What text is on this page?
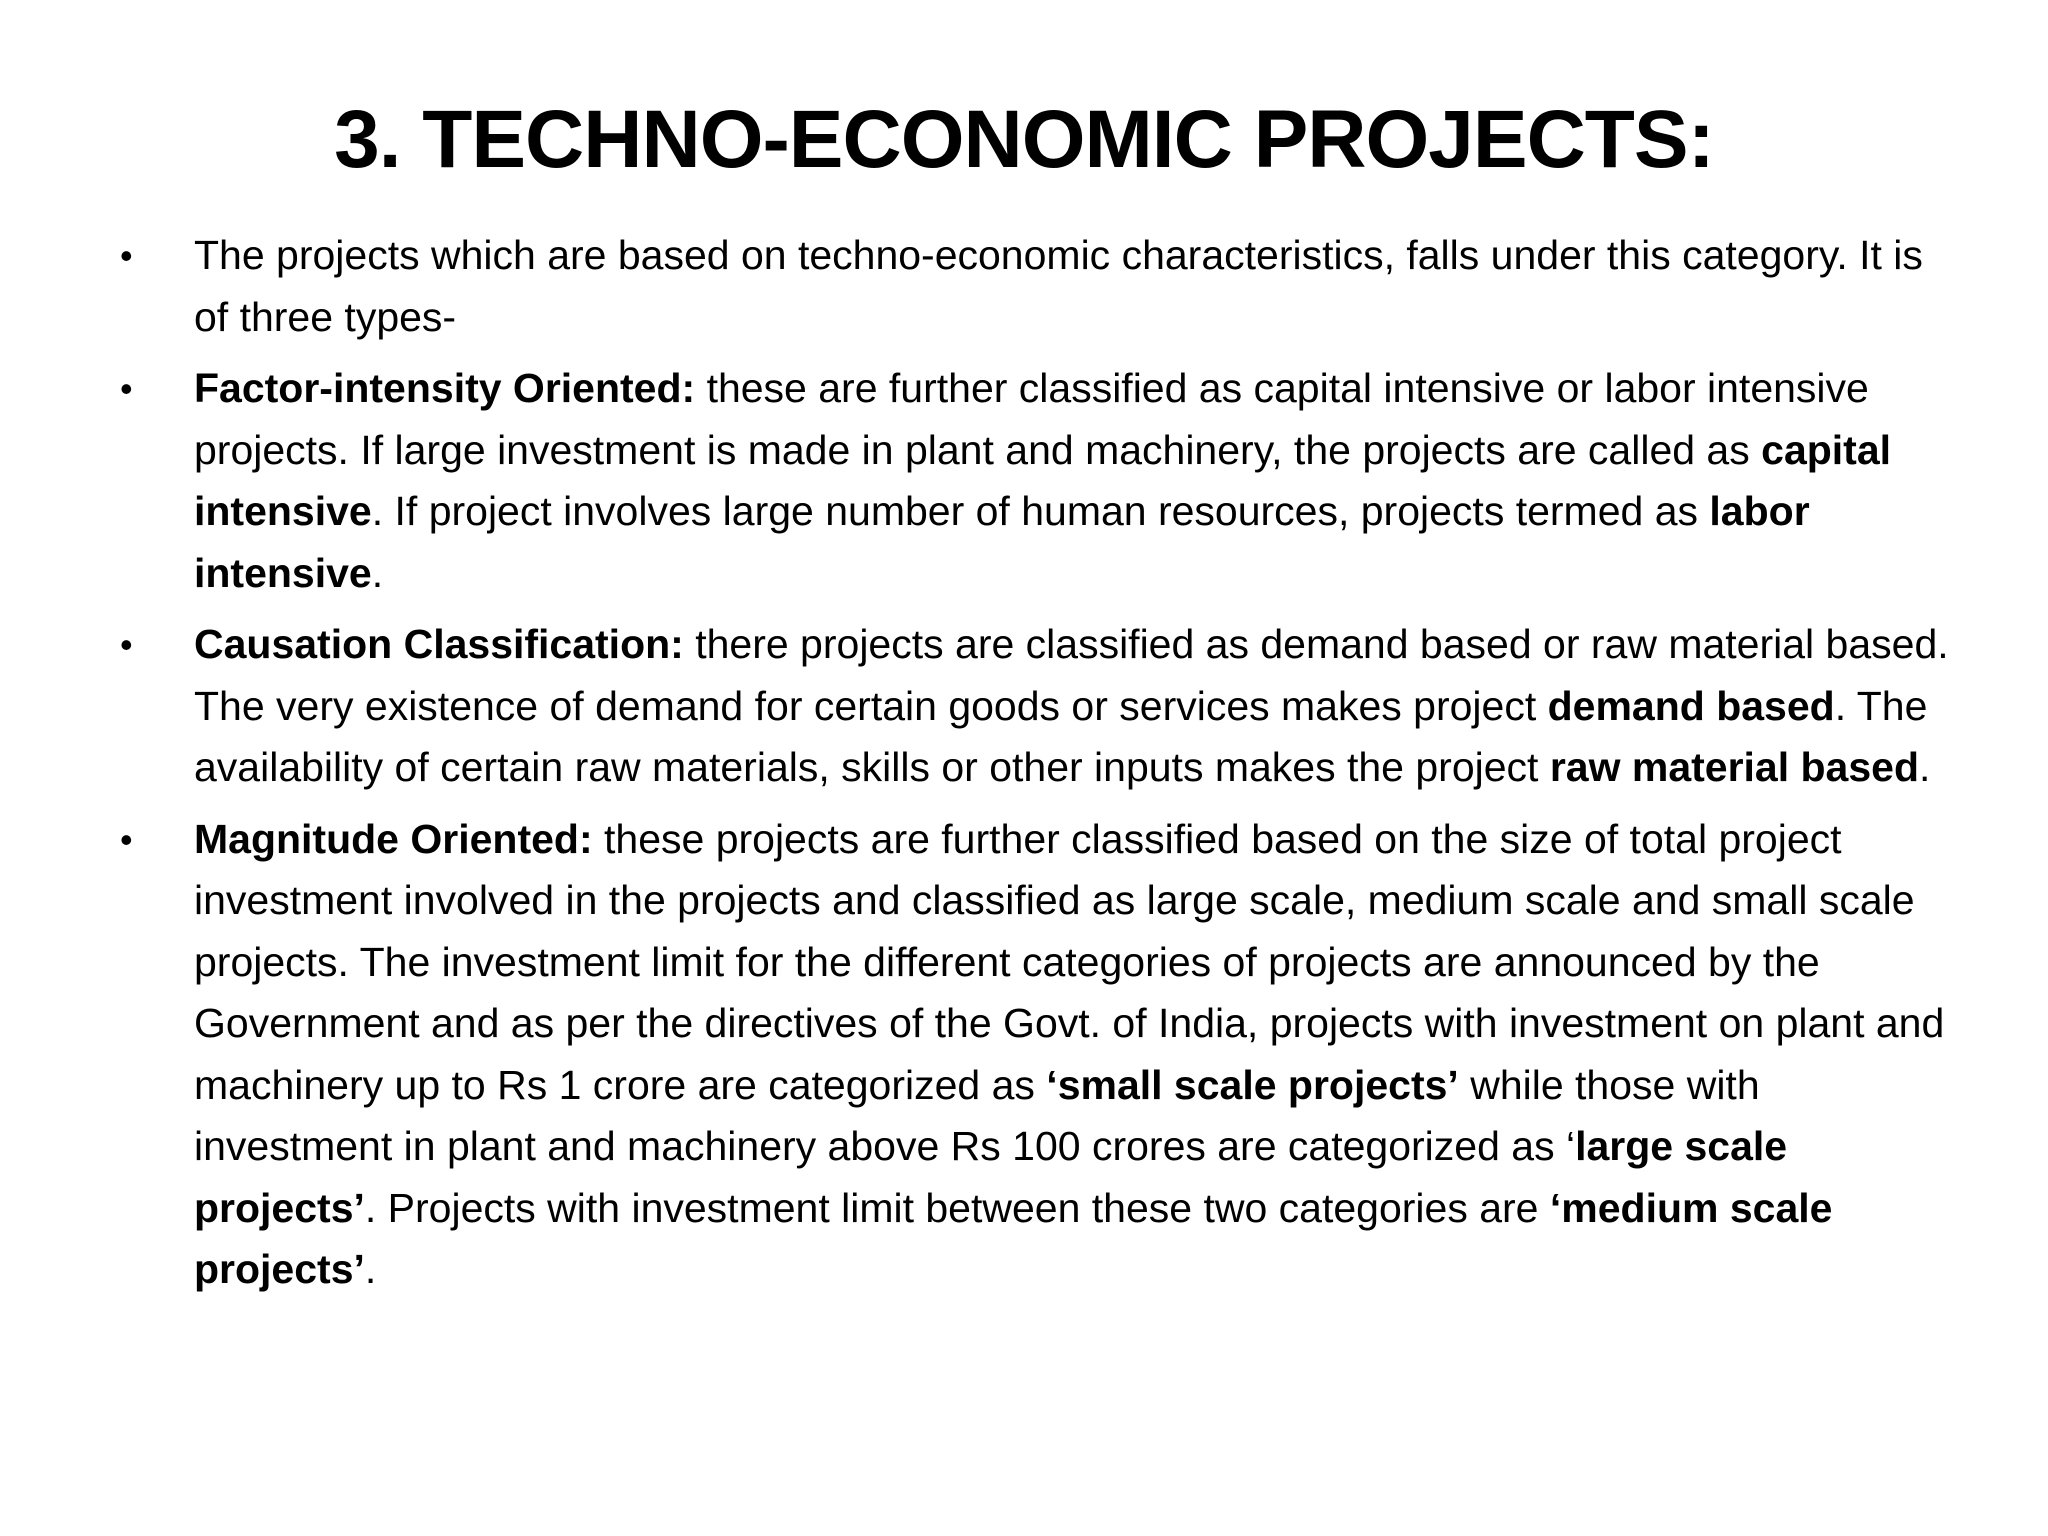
3. TECHNO-ECONOMIC PROJECTS:
• The projects which are based on techno-economic characteristics, falls under this category. It is of three types-
• Factor-intensity Oriented: these are further classified as capital intensive or labor intensive projects. If large investment is made in plant and machinery, the projects are called as capital intensive. If project involves large number of human resources, projects termed as labor intensive.
• Causation Classification: there projects are classified as demand based or raw material based. The very existence of demand for certain goods or services makes project demand based. The availability of certain raw materials, skills or other inputs makes the project raw material based.
• Magnitude Oriented: these projects are further classified based on the size of total project investment involved in the projects and classified as large scale, medium scale and small scale projects. The investment limit for the different categories of projects are announced by the Government and as per the directives of the Govt. of India, projects with investment on plant and machinery up to Rs 1 crore are categorized as ‘small scale projects’ while those with investment in plant and machinery above Rs 100 crores are categorized as ‘large scale projects’. Projects with investment limit between these two categories are ‘medium scale projects’.
